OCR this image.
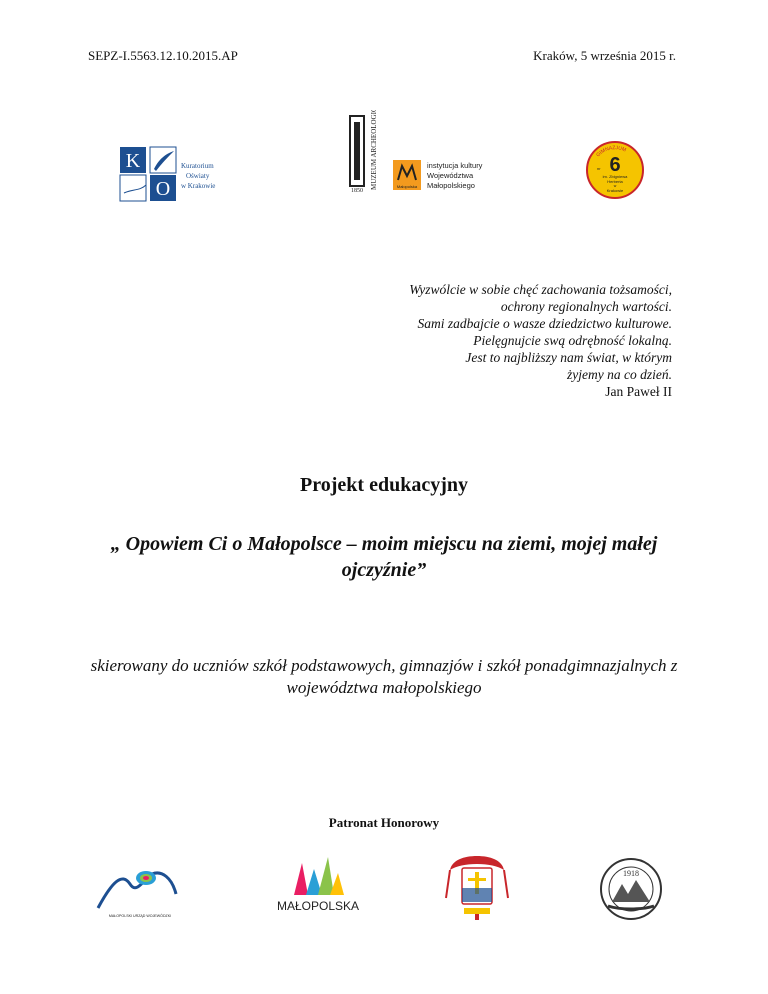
SEPZ-I.5563.12.10.2015.AP	Kraków, 5 września 2015 r.
K
O
Kuratorium
Oświaty
w Krakowie	MUZEUM ARCHEOLOGICZNE W KRAKOWIE
1850
Małopolska
instytucja kultury
Województwa
Małopolskiego
GIMNAZJUM
nr 6
im. Zbigniewa
Herberta
w
Krakowie
Wyzwólcie w sobie chęć zachowania tożsamości,
ochrony regionalnych wartości.
Sami zadbajcie o wasze dziedzictwo kulturowe.
Pielęgnujcie swą odrębność lokalną.
Jest to najbliższy nam świat, w którym
żyjemy na co dzień.
Jan Paweł II
Projekt edukacyjny
„ Opowiem Ci o Małopolsce – moim miejscu na ziemi, mojej małej ojczyźnie”
skierowany do uczniów szkół podstawowych, gimnazjów i szkół ponadgimnazjalnych z województwa małopolskiego
Patronat Honorowy
MAŁOPOLSKI URZĄD WOJEWÓDZKI
MAŁOPOLSKA
1918
